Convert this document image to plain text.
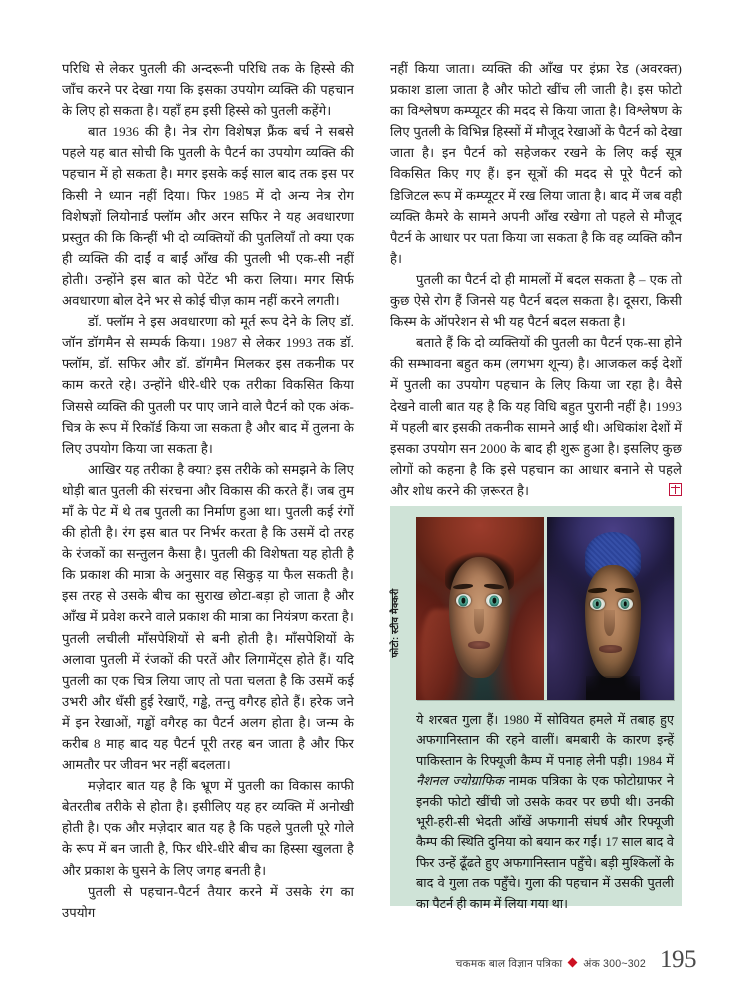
परिधि से लेकर पुतली की अन्दरूनी परिधि तक के हिस्से की जाँच करने पर देखा गया कि इसका उपयोग व्यक्ति की पहचान के लिए हो सकता है। यहाँ हम इसी हिस्से को पुतली कहेंगे।

बात 1936 की है। नेत्र रोग विशेषज्ञ फ्रैंक बर्च ने सबसे पहले यह बात सोची कि पुतली के पैटर्न का उपयोग व्यक्ति की पहचान में हो सकता है। मगर इसके कई साल बाद तक इस पर किसी ने ध्यान नहीं दिया। फिर 1985 में दो अन्य नेत्र रोग विशेषज्ञों लियोनार्ड फ्लॉम और अरन सफिर ने यह अवधारणा प्रस्तुत की कि किन्हीं भी दो व्यक्तियों की पुतलियाँ तो क्या एक ही व्यक्ति की दाईं व बाईं आँख की पुतली भी एक-सी नहीं होती। उन्होंने इस बात को पेटेंट भी करा लिया। मगर सिर्फ अवधारणा बोल देने भर से कोई चीज़ काम नहीं करने लगती।

डॉ. फ्लॉम ने इस अवधारणा को मूर्त रूप देने के लिए डॉ. जॉन डॉगमैन से सम्पर्क किया। 1987 से लेकर 1993 तक डॉ. फ्लॉम, डॉ. सफिर और डॉ. डॉगमैन मिलकर इस तकनीक पर काम करते रहे। उन्होंने धीरे-धीरे एक तरीका विकसित किया जिससे व्यक्ति की पुतली पर पाए जाने वाले पैटर्न को एक अंक-चित्र के रूप में रिकॉर्ड किया जा सकता है और बाद में तुलना के लिए उपयोग किया जा सकता है।

आखिर यह तरीका है क्या? इस तरीके को समझने के लिए थोड़ी बात पुतली की संरचना और विकास की करते हैं। जब तुम माँ के पेट में थे तब पुतली का निर्माण हुआ था। पुतली कई रंगों की होती है। रंग इस बात पर निर्भर करता है कि उसमें दो तरह के रंजकों का सन्तुलन कैसा है। पुतली की विशेषता यह होती है कि प्रकाश की मात्रा के अनुसार वह सिकुड़ या फैल सकती है। इस तरह से उसके बीच का सुराख छोटा-बड़ा हो जाता है और आँख में प्रवेश करने वाले प्रकाश की मात्रा का नियंत्रण करता है। पुतली लचीली माँसपेशियों से बनी होती है। माँसपेशियों के अलावा पुतली में रंजकों की परतें और लिगामेंट्स होते हैं। यदि पुतली का एक चित्र लिया जाए तो पता चलता है कि उसमें कई उभरी और धँसी हुई रेखाएँ, गड्ढे, तन्तु वगैरह होते हैं। हरेक जने में इन रेखाओं, गड्ढों वगैरह का पैटर्न अलग होता है। जन्म के करीब 8 माह बाद यह पैटर्न पूरी तरह बन जाता है और फिर आमतौर पर जीवन भर नहीं बदलता।

मज़ेदार बात यह है कि भ्रूण में पुतली का विकास काफी बेतरतीब तरीके से होता है। इसीलिए यह हर व्यक्ति में अनोखी होती है। एक और मज़ेदार बात यह है कि पहले पुतली पूरे गोले के रूप में बन जाती है, फिर धीरे-धीरे बीच का हिस्सा खुलता है और प्रकाश के घुसने के लिए जगह बनती है।

पुतली से पहचान-पैटर्न तैयार करने में उसके रंग का उपयोग

नहीं किया जाता। व्यक्ति की आँख पर इंफ्रा रेड (अवरक्त) प्रकाश डाला जाता है और फोटो खींच ली जाती है। इस फोटो का विश्लेषण कम्प्यूटर की मदद से किया जाता है। विश्लेषण के लिए पुतली के विभिन्न हिस्सों में मौजूद रेखाओं के पैटर्न को देखा जाता है। इन पैटर्न को सहेजकर रखने के लिए कई सूत्र विकसित किए गए हैं। इन सूत्रों की मदद से पूरे पैटर्न को डिजिटल रूप में कम्प्यूटर में रख लिया जाता है। बाद में जब वही व्यक्ति कैमरे के सामने अपनी आँख रखेगा तो पहले से मौजूद पैटर्न के आधार पर पता किया जा सकता है कि वह व्यक्ति कौन है।

पुतली का पैटर्न दो ही मामलों में बदल सकता है – एक तो कुछ ऐसे रोग हैं जिनसे यह पैटर्न बदल सकता है। दूसरा, किसी किस्म के ऑपरेशन से भी यह पैटर्न बदल सकता है।

बताते हैं कि दो व्यक्तियों की पुतली का पैटर्न एक-सा होने की सम्भावना बहुत कम (लगभग शून्य) है। आजकल कई देशों में पुतली का उपयोग पहचान के लिए किया जा रहा है। वैसे देखने वाली बात यह है कि यह विधि बहुत पुरानी नहीं है। 1993 में पहली बार इसकी तकनीक सामने आई थी। अधिकांश देशों में इसका उपयोग सन 2000 के बाद ही शुरू हुआ है। इसलिए कुछ लोगों को कहना है कि इसे पहचान का आधार बनाने से पहले और शोध करने की ज़रूरत है।

फोटो: स्टीव मैक्करी
ये शरबत गुला हैं। 1980 में सोवियत हमले में तबाह हुए अफगानिस्तान की रहने वालीं। बमबारी के कारण इन्हें पाकिस्तान के रिफ्यूजी कैम्प में पनाह लेनी पड़ी। 1984 में नैशनल ज्योग्राफिक नामक पत्रिका के एक फोटोग्राफर ने इनकी फोटो खींची जो उसके कवर पर छपी थी। उनकी भूरी-हरी-सी भेदती आँखें अफगानी संघर्ष और रिफ्यूजी कैम्प की स्थिति दुनिया को बयान कर गईं। 17 साल बाद वे फिर उन्हें ढूँढते हुए अफगानिस्तान पहुँचे। बड़ी मुश्किलों के बाद वे गुला तक पहुँचे। गुला की पहचान में उसकी पुतली का पैटर्न ही काम में लिया गया था।
चकमक बाल विज्ञान पत्रिका अंक 300~302 195
